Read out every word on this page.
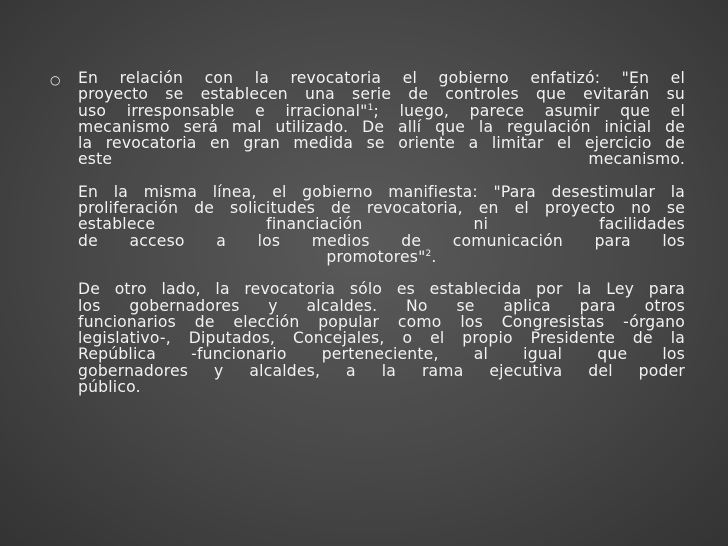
○ En relación con la revocatoria el gobierno enfatizó: "En el
proyecto se establecen una serie de controles que evitarán su
uso irresponsable e irracional"$^1$; luego, parece asumir que el
mecanismo será mal utilizado. De allí que la regulación inicial de
la revocatoria en gran medida se oriente a limitar el ejercicio de
este	mecanismo.
En la misma línea, el gobierno manifiesta: "Para desestimular la
proliferación de solicitudes de revocatoria, en el proyecto no se
establece financiación ni facilidades
de acceso a los medios de comunicación para los
promotores"$^2$.
De otro lado, la revocatoria sólo es establecida por la Ley para
los gobernadores y alcaldes. No se aplica para otros
funcionarios de elección popular como los Congresistas -órgano
legislativo-, Diputados, Concejales, o el propio Presidente de la
República -funcionario perteneciente, al igual que los
gobernadores y alcaldes, a la rama ejecutiva del poder
público.
